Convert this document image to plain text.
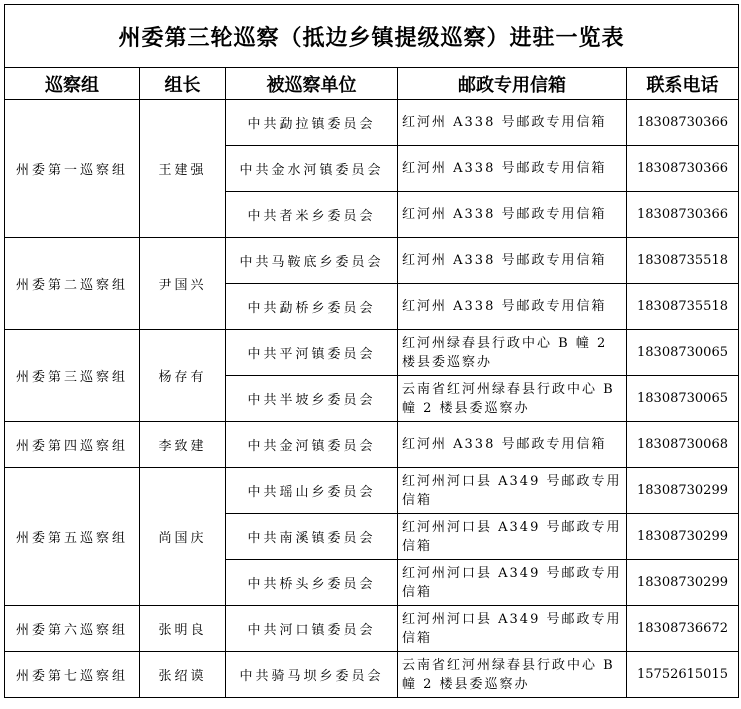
州委第三轮巡察（抵边乡镇提级巡察）进驻一览表				
巡察组	组长	被巡察单位	邮政专用信箱	联系电话
州委第一巡察组	王建强	中共勐拉镇委员会	红河州 A338 号邮政专用信箱	18308730366
		中共金水河镇委员会	红河州 A338 号邮政专用信箱	18308730366
		中共者米乡委员会	红河州 A338 号邮政专用信箱	18308730366
州委第二巡察组	尹国兴	中共马鞍底乡委员会	红河州 A338 号邮政专用信箱	18308735518
		中共勐桥乡委员会	红河州 A338 号邮政专用信箱	18308735518
州委第三巡察组	杨存有	中共平河镇委员会	红河州绿春县行政中心 B 幢 2 楼县委巡察办	18308730065
		中共半坡乡委员会	云南省红河州绿春县行政中心 B 幢 2 楼县委巡察办	18308730065
州委第四巡察组	李致建	中共金河镇委员会	红河州 A338 号邮政专用信箱	18308730068
州委第五巡察组	尚国庆	中共瑶山乡委员会	红河州河口县 A349 号邮政专用信箱	18308730299
		中共南溪镇委员会	红河州河口县 A349 号邮政专用信箱	18308730299
		中共桥头乡委员会	红河州河口县 A349 号邮政专用信箱	18308730299
州委第六巡察组	张明良	中共河口镇委员会	红河州河口县 A349 号邮政专用信箱	18308736672
州委第七巡察组	张绍谟	中共骑马坝乡委员会	云南省红河州绿春县行政中心 B 幢 2 楼县委巡察办	15752615015
